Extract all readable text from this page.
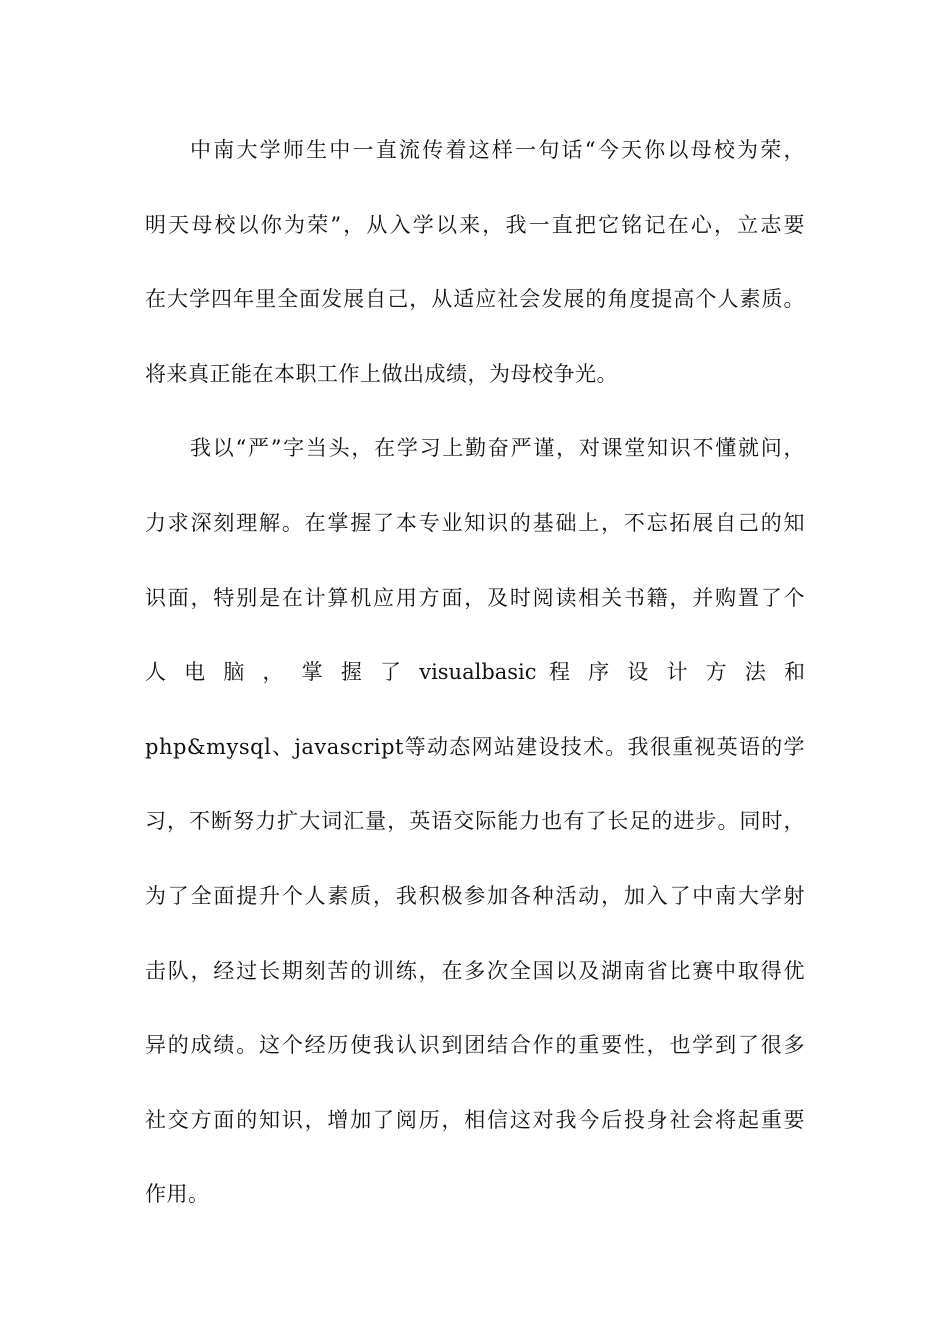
中南大学师生中一直流传着这样一句话“今天你以母校为荣，
明天母校以你为荣”，从入学以来，我一直把它铭记在心，立志要
在大学四年里全面发展自己，从适应社会发展的角度提高个人素质。
将来真正能在本职工作上做出成绩，为母校争光。
我以“严”字当头，在学习上勤奋严谨，对课堂知识不懂就问，
力求深刻理解。在掌握了本专业知识的基础上，不忘拓展自己的知
识面，特别是在计算机应用方面，及时阅读相关书籍，并购置了个
人 电 脑 ， 掌 握 了 visualbasic 程 序 设 计 方 法 和
php&mysql、javascript等动态网站建设技术。我很重视英语的学
习，不断努力扩大词汇量，英语交际能力也有了长足的进步。同时，
为了全面提升个人素质，我积极参加各种活动，加入了中南大学射
击队，经过长期刻苦的训练，在多次全国以及湖南省比赛中取得优
异的成绩。这个经历使我认识到团结合作的重要性，也学到了很多
社交方面的知识，增加了阅历，相信这对我今后投身社会将起重要
作用。
